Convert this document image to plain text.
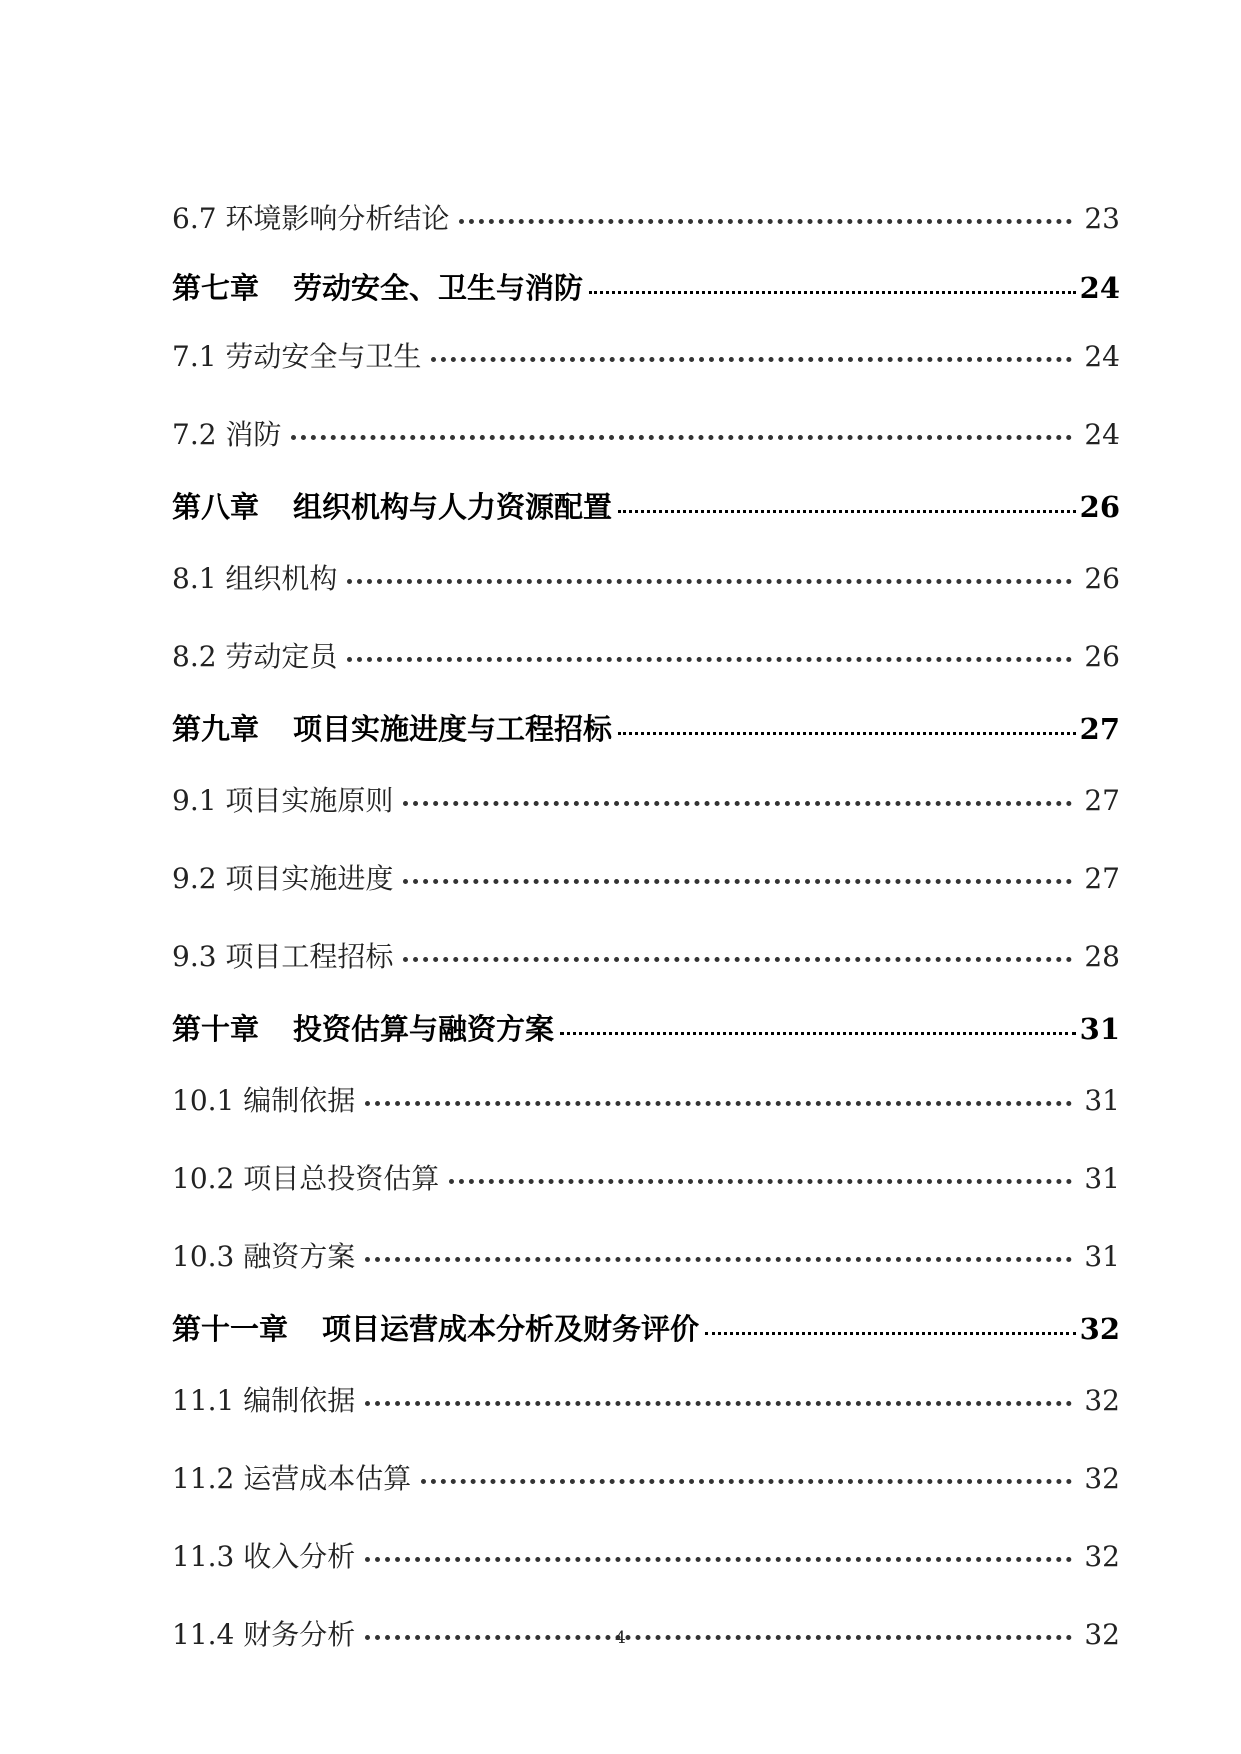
6.7 环境影响分析结论	23
第七章 劳动安全、卫生与消防	24
7.1 劳动安全与卫生	24
7.2 消防	24
第八章 组织机构与人力资源配置	26
8.1 组织机构	26
8.2 劳动定员	26
第九章 项目实施进度与工程招标	27
9.1 项目实施原则	27
9.2 项目实施进度	27
9.3 项目工程招标	28
第十章 投资估算与融资方案	31
10.1 编制依据	31
10.2 项目总投资估算	31
10.3 融资方案	31
第十一章 项目运营成本分析及财务评价	32
11.1 编制依据	32
11.2 运营成本估算	32
11.3 收入分析	32
11.4 财务分析	32
4
